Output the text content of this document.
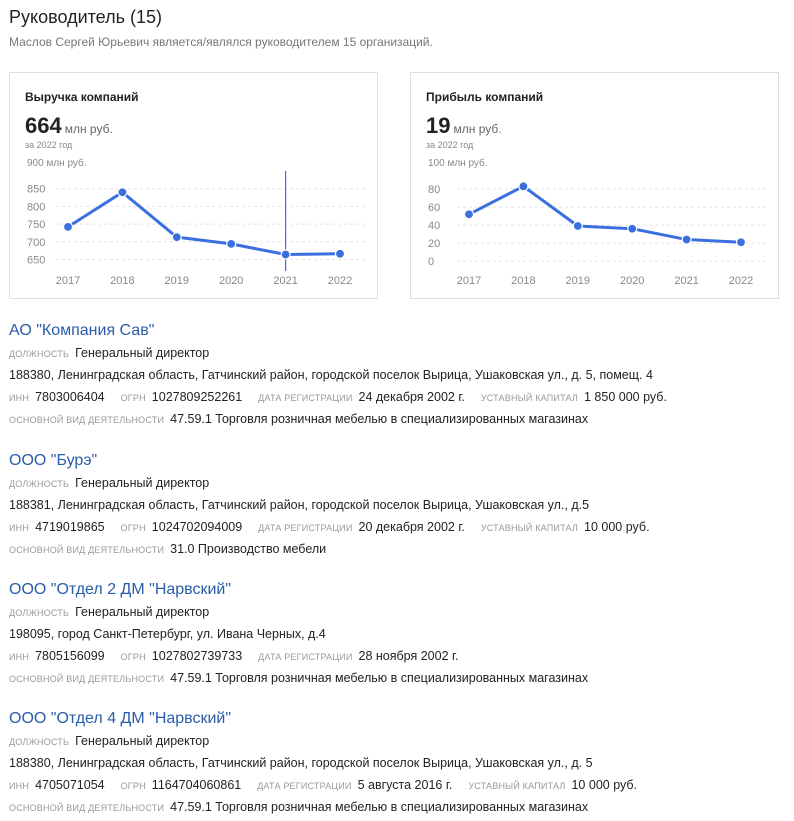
Руководитель (15)
Маслов Сергей Юрьевич является/являлся руководителем 15 организаций.
Выручка компаний
664 млн руб.
за 2022 год
900 млн руб.
650
700
750
800
850
2017	2018	2019	2020	2021	2022
Прибыль компаний
19 млн руб.
за 2022 год
100 млн руб.
0
20
40
60
80
2017	2018	2019	2020	2021	2022
АО "Компания Сав"
ДОЛЖНОСТЬ Генеральный директор
188380, Ленинградская область, Гатчинский район, городской поселок Вырица, Ушаковская ул., д. 5, помещ. 4
ИНН 7803006404 ОГРН 1027809252261 ДАТА РЕГИСТРАЦИИ 24 декабря 2002 г. УСТАВНЫЙ КАПИТАЛ 1 850 000 руб.
ОСНОВНОЙ ВИД ДЕЯТЕЛЬНОСТИ 47.59.1 Торговля розничная мебелью в специализированных магазинах
ООО "Бурэ"
ДОЛЖНОСТЬ Генеральный директор
188381, Ленинградская область, Гатчинский район, городской поселок Вырица, Ушаковская ул., д.5
ИНН 4719019865 ОГРН 1024702094009 ДАТА РЕГИСТРАЦИИ 20 декабря 2002 г. УСТАВНЫЙ КАПИТАЛ 10 000 руб.
ОСНОВНОЙ ВИД ДЕЯТЕЛЬНОСТИ 31.0 Производство мебели
ООО "Отдел 2 ДМ "Нарвский"
ДОЛЖНОСТЬ Генеральный директор
198095, город Санкт-Петербург, ул. Ивана Черных, д.4
ИНН 7805156099 ОГРН 1027802739733 ДАТА РЕГИСТРАЦИИ 28 ноября 2002 г.
ОСНОВНОЙ ВИД ДЕЯТЕЛЬНОСТИ 47.59.1 Торговля розничная мебелью в специализированных магазинах
ООО "Отдел 4 ДМ "Нарвский"
ДОЛЖНОСТЬ Генеральный директор
188380, Ленинградская область, Гатчинский район, городской поселок Вырица, Ушаковская ул., д. 5
ИНН 4705071054 ОГРН 1164704060861 ДАТА РЕГИСТРАЦИИ 5 августа 2016 г. УСТАВНЫЙ КАПИТАЛ 10 000 руб.
ОСНОВНОЙ ВИД ДЕЯТЕЛЬНОСТИ 47.59.1 Торговля розничная мебелью в специализированных магазинах
